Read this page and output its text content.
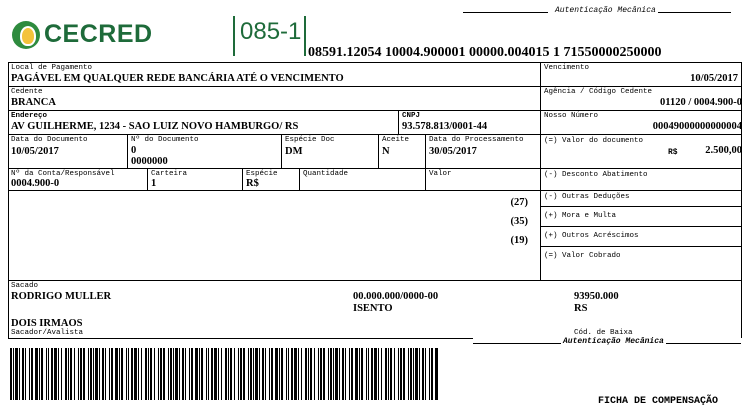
Autenticação Mecânica
CECRED	085-1
08591.12054 10004.900001 00000.004015 1 71550000250000
Local de Pagamento
PAGÁVEL EM QUALQUER REDE BANCÁRIA ATÉ O VENCIMENTO
Vencimento
10/05/2017
Cedente
BRANCA
Agência / Código Cedente
01120 / 0004.900-0
Endereço
AV GUILHERME, 1234 - SAO LUIZ NOVO HAMBURGO/ RS
CNPJ
93.578.813/0001-44
Nosso Número
00049000000000004
Data do Documento
10/05/2017
Nº do Documento
0
0000000
Espécie Doc
DM
Aceite
N
Data do Processamento
30/05/2017
(=) Valor do documento
R$	2.500,00
Nº da Conta/Responsável
0004.900-0
Carteira
1
Espécie
R$
Quantidade	Valor	(-) Desconto Abatimento
(-) Outras Deduções
(+) Mora e Multa
(+) Outros Acréscimos
(=) Valor Cobrado
(27)
(35)
(19)
Sacado
RODRIGO MULLER	00.000.000/0000-00
ISENTO
93950.000
RS
DOIS IRMAOS
Sacador/Avalista	Cód. de Baixa
Autenticação Mecânica
FICHA DE COMPENSAÇÃO
